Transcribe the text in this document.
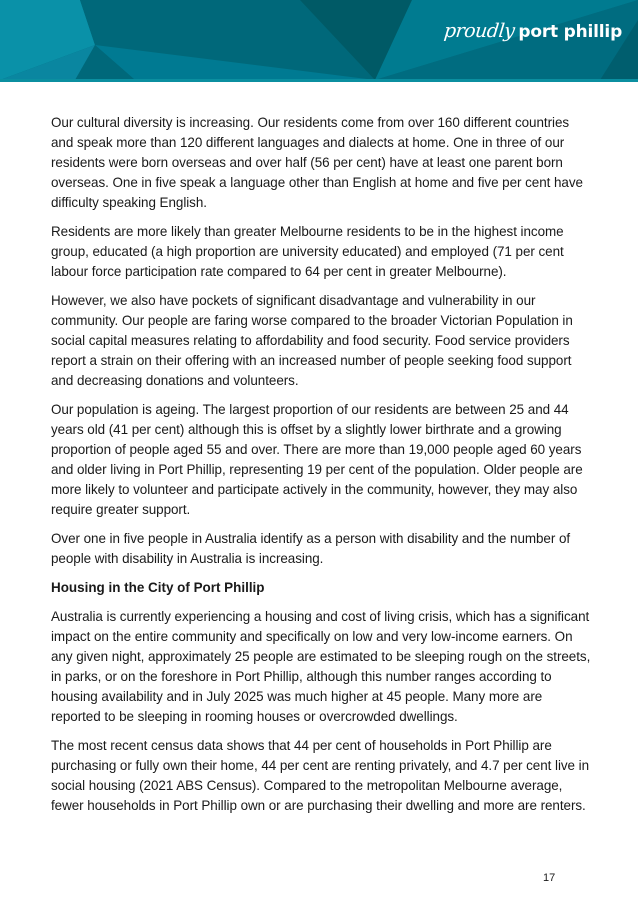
proudly port phillip

Our cultural diversity is increasing. Our residents come from over 160 different countries and speak more than 120 different languages and dialects at home. One in three of our residents were born overseas and over half (56 per cent) have at least one parent born overseas. One in five speak a language other than English at home and five per cent have difficulty speaking English.

Residents are more likely than greater Melbourne residents to be in the highest income group, educated (a high proportion are university educated) and employed (71 per cent labour force participation rate compared to 64 per cent in greater Melbourne).

However, we also have pockets of significant disadvantage and vulnerability in our community. Our people are faring worse compared to the broader Victorian Population in social capital measures relating to affordability and food security. Food service providers report a strain on their offering with an increased number of people seeking food support and decreasing donations and volunteers.

Our population is ageing. The largest proportion of our residents are between 25 and 44 years old (41 per cent) although this is offset by a slightly lower birthrate and a growing proportion of people aged 55 and over. There are more than 19,000 people aged 60 years and older living in Port Phillip, representing 19 per cent of the population. Older people are more likely to volunteer and participate actively in the community, however, they may also require greater support.

Over one in five people in Australia identify as a person with disability and the number of people with disability in Australia is increasing.

Housing in the City of Port Phillip

Australia is currently experiencing a housing and cost of living crisis, which has a significant impact on the entire community and specifically on low and very low-income earners. On any given night, approximately 25 people are estimated to be sleeping rough on the streets, in parks, or on the foreshore in Port Phillip, although this number ranges according to housing availability and in July 2025 was much higher at 45 people. Many more are reported to be sleeping in rooming houses or overcrowded dwellings.

The most recent census data shows that 44 per cent of households in Port Phillip are purchasing or fully own their home, 44 per cent are renting privately, and 4.7 per cent live in social housing (2021 ABS Census). Compared to the metropolitan Melbourne average, fewer households in Port Phillip own or are purchasing their dwelling and more are renters.

17
